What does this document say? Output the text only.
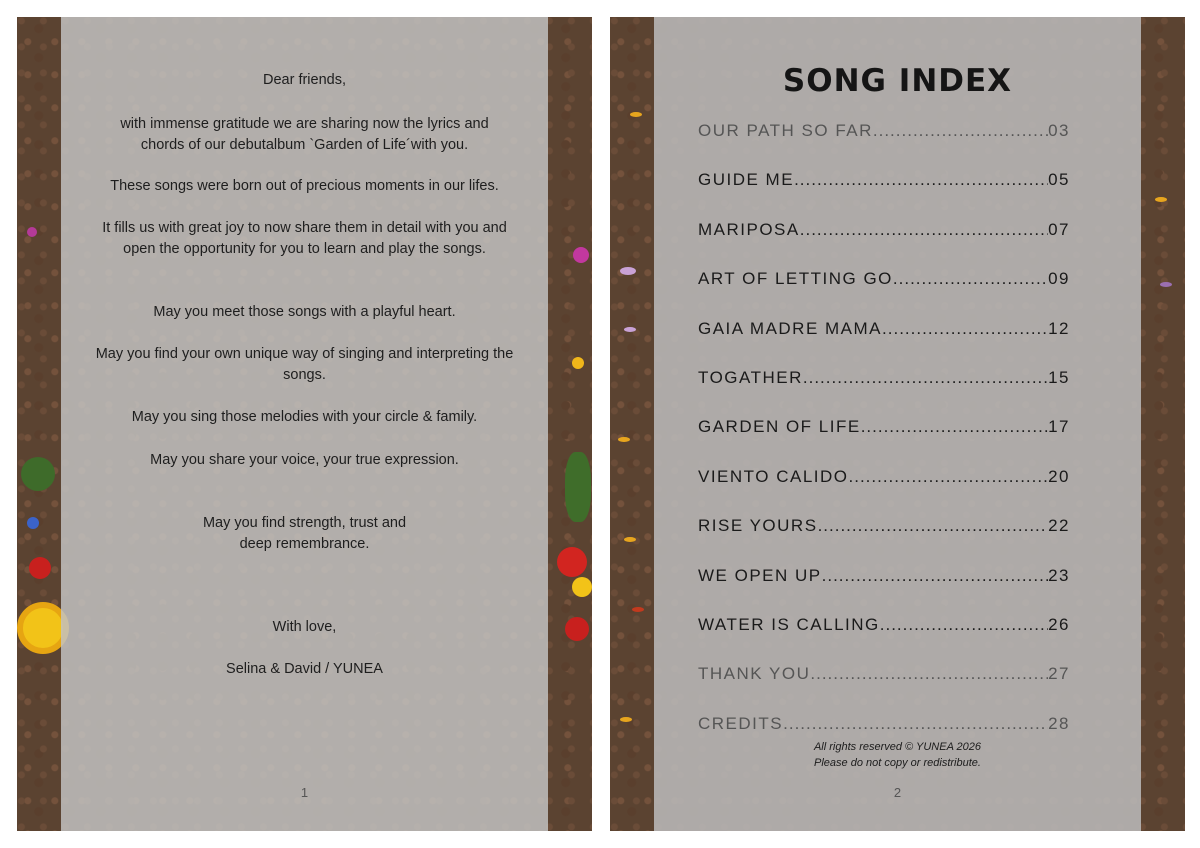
Dear friends,

with immense gratitude we are sharing now the lyrics and chords of our debutalbum `Garden of Life´with you.

These songs were born out of precious moments in our lifes.

It fills us with great joy to now share them in detail with you and open the opportunity for you to learn and play the songs.

May you meet those songs with a playful heart.

May you find your own unique way of singing and interpreting the songs.

May you sing those melodies with your circle & family.

May you share your voice, your true expression.

May you find strength, trust and deep remembrance.

With love,

Selina & David / YUNEA

1
SONG INDEX
OUR PATH SO FAR .....	03
GUIDE ME .....	05
MARIPOSA .....	07
ART OF LETTING GO .....	09
GAIA MADRE MAMA .....	12
TOGATHER .....	15
GARDEN OF LIFE .....	17
VIENTO CALIDO .....	20
RISE YOURS .....	22
WE OPEN UP .....	23
WATER IS CALLING .....	26
THANK YOU .....	27
CREDITS .....	28

All rights reserved © YUNEA 2026

Please do not copy or redistribute.

2
